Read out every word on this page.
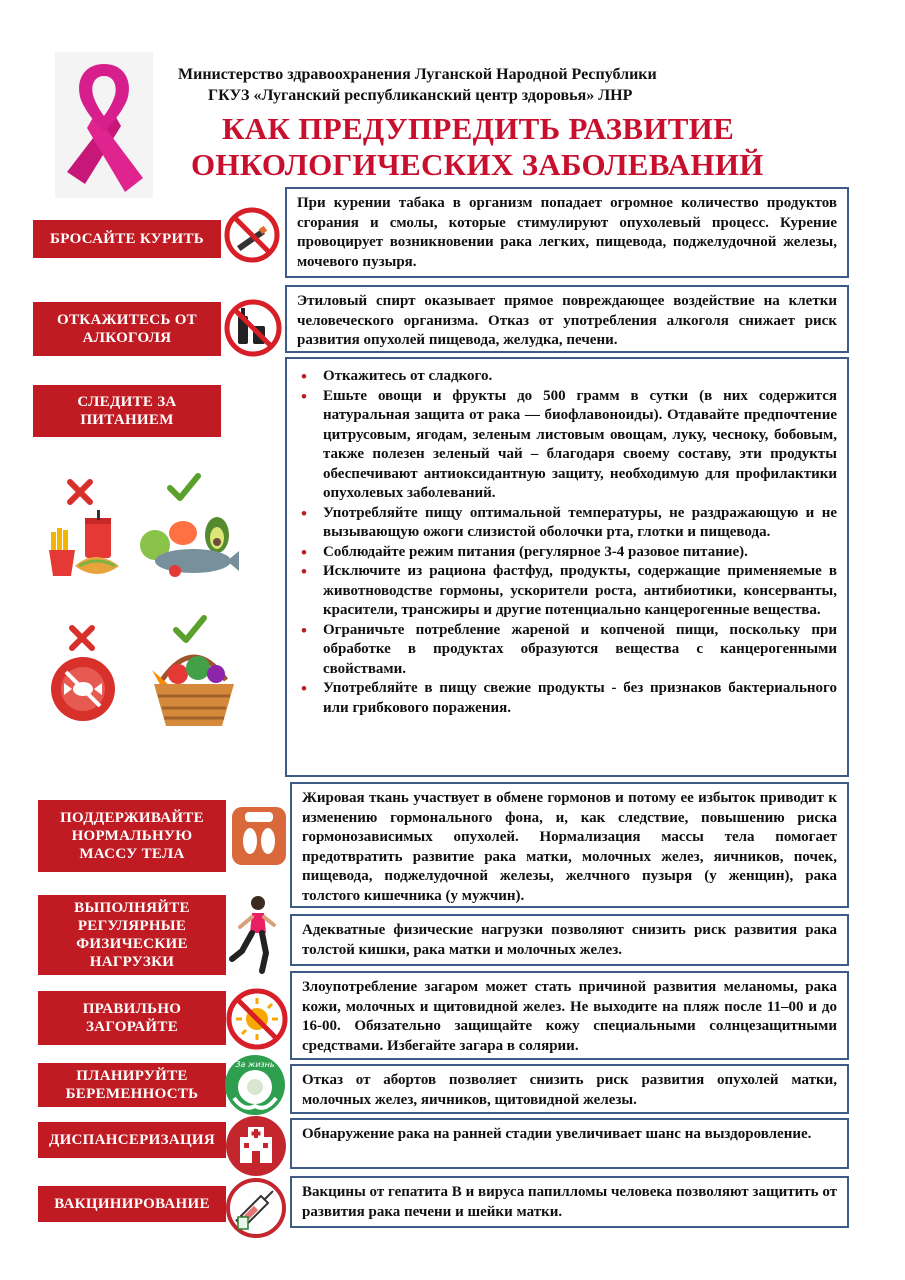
Министерство здравоохранения Луганской Народной Республики
ГКУЗ «Луганский республиканский центр здоровья» ЛНР
КАК ПРЕДУПРЕДИТЬ РАЗВИТИЕ
ОНКОЛОГИЧЕСКИХ ЗАБОЛЕВАНИЙ
БРОСАЙТЕ КУРИТЬ

При курении табака в организм попадает огромное количество продуктов сгорания и смолы, которые стимулируют опухолевый процесс. Курение провоцирует возникновении рака легких, пищевода, поджелудочной железы, мочевого пузыря.

ОТКАЖИТЕСЬ ОТ АЛКОГОЛЯ

Этиловый спирт оказывает прямое повреждающее воздействие на клетки человеческого организма. Отказ от употребления алкоголя снижает риск развития опухолей пищевода, желудка, печени.

СЛЕДИТЕ ЗА ПИТАНИЕМ
• Откажитесь от сладкого.
• Ешьте овощи и фрукты до 500 грамм в сутки (в них содержится натуральная защита от рака — биофлавоноиды). Отдавайте предпочтение цитрусовым, ягодам, зеленым листовым овощам, луку, чесноку, бобовым, также полезен зеленый чай – благодаря своему составу, эти продукты обеспечивают антиоксидантную защиту, необходимую для профилактики опухолевых заболеваний.
• Употребляйте пищу оптимальной температуры, не раздражающую и не вызывающую ожоги слизистой оболочки рта, глотки и пищевода.
• Соблюдайте режим питания (регулярное 3-4 разовое питание).
• Исключите из рациона фастфуд, продукты, содержащие применяемые в животноводстве гормоны, ускорители роста, антибиотики, консерванты, красители, трансжиры и другие потенциально канцерогенные вещества.
• Ограничьте потребление жареной и копченой пищи, поскольку при обработке в продуктах образуются вещества с канцерогенными свойствами.
• Употребляйте в пищу свежие продукты - без признаков бактериального или грибкового поражения.
ПОДДЕРЖИВАЙТЕ НОРМАЛЬНУЮ МАССУ ТЕЛА

Жировая ткань участвует в обмене гормонов и потому ее избыток приводит к изменению гормонального фона, и, как следствие, повышению риска гормонозависимых опухолей. Нормализация массы тела помогает предотвратить развитие рака матки, молочных желез, яичников, почек, пищевода, поджелудочной железы, желчного пузыря (у женщин), рака толстого кишечника (у мужчин).

ВЫПОЛНЯЙТЕ РЕГУЛЯРНЫЕ ФИЗИЧЕСКИЕ НАГРУЗКИ

Адекватные физические нагрузки позволяют снизить риск развития рака толстой кишки, рака матки и молочных желез.

ПРАВИЛЬНО ЗАГОРАЙТЕ

Злоупотребление загаром может стать причиной развития меланомы, рака кожи, молочных и щитовидной желез. Не выходите на пляж после 11–00 и до 16-00. Обязательно защищайте кожу специальными солнцезащитными средствами. Избегайте загара в солярии.

ПЛАНИРУЙТЕ БЕРЕМЕННОСТЬ
За жизнь

Отказ от абортов позволяет снизить риск развития опухолей матки, молочных желез, яичников, щитовидной железы.

ДИСПАНСЕРИЗАЦИЯ	Обнаружение рака на ранней стадии увеличивает шанс на выздоровление.

ВАКЦИНИРОВАНИЕ

Вакцины от гепатита В и вируса папилломы человека позволяют защитить от развития рака печени и шейки матки.
